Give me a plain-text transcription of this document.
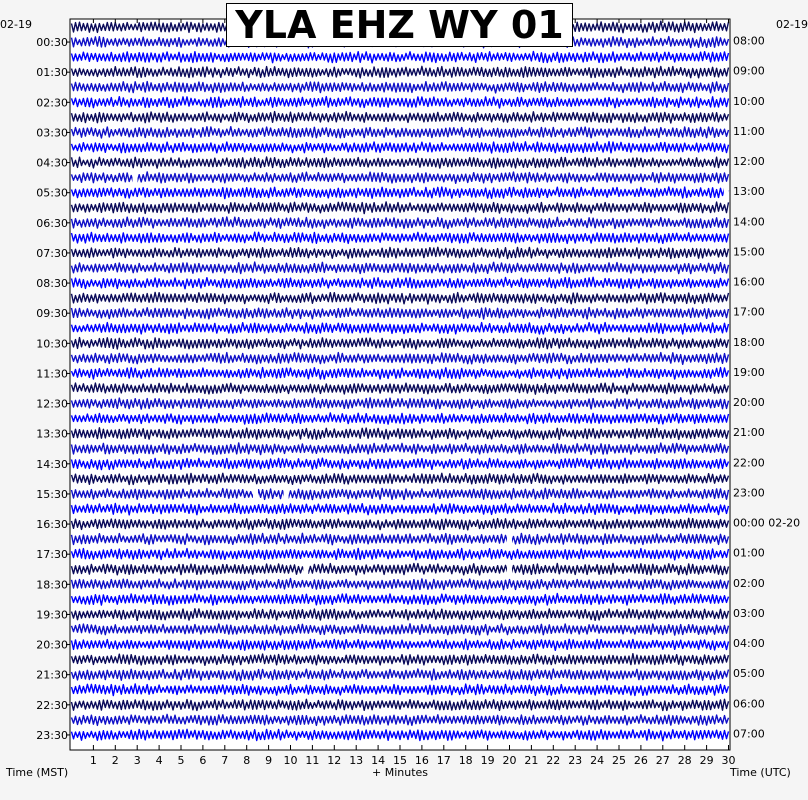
1 2 3 4 5 6 7 8 9 10 11 12 13 14 15 16 17 18 19 20 21 22 23 24 25 26 27 28 29 30
00:30
01:30
02:30
03:30
04:30
05:30
06:30
07:30
08:30
09:30
10:30
11:30
12:30
13:30
14:30
15:30
16:30
17:30
18:30
19:30
20:30
21:30
22:30
23:30
08:00
09:00
10:00
11:00
12:00
13:00
14:00
15:00
16:00
17:00
18:00
19:00
20:00
21:00
22:00
23:00
00:00 02-20
01:00
02:00
03:00
04:00
05:00
06:00
07:00
YLA EHZ WY 01
02-19	02-19
Time (MST)	+ Minutes	Time (UTC)
